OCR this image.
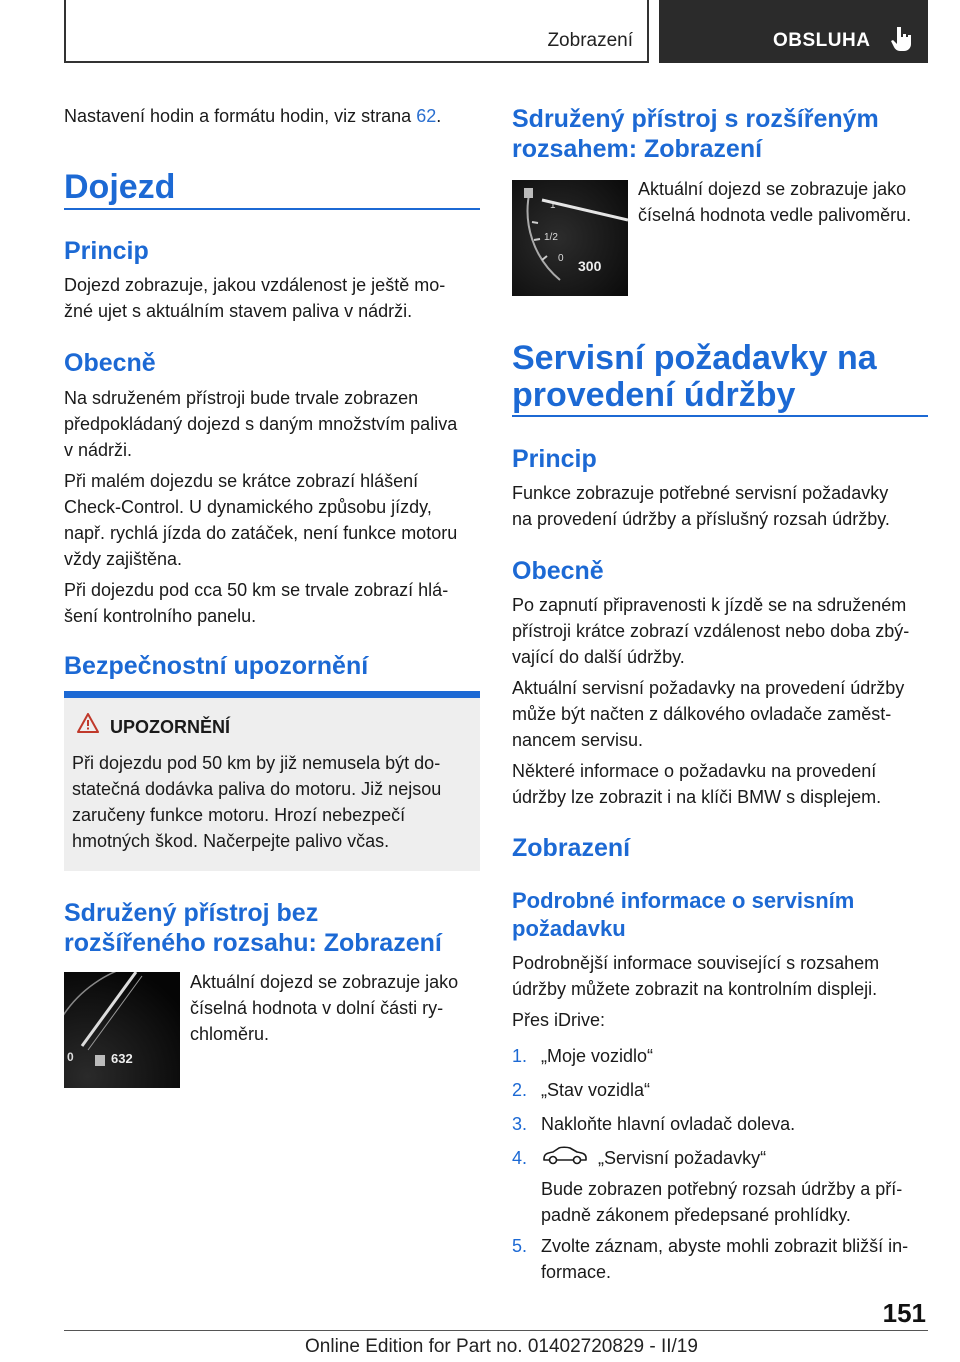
Zobrazení	OBSLUHA

Nastavení hodin a formátu hodin, viz strana 62.

Dojezd
Princip

Dojezd zobrazuje, jakou vzdálenost je ještě mo‐

žné ujet s aktuálním stavem paliva v nádrži.

Obecně

Na sdruženém přístroji bude trvale zobrazen

předpokládaný dojezd s daným množstvím paliva

v nádrži.

Při malém dojezdu se krátce zobrazí hlášení

Check-Control. U dynamického způsobu jízdy,

např. rychlá jízda do zatáček, není funkce motoru

vždy zajištěna.

Při dojezdu pod cca 50 km se trvale zobrazí hlá‐

šení kontrolního panelu.

Bezpečnostní upozornění
UPOZORNĚNÍ

Při dojezdu pod 50 km by již nemusela být do‐

statečná dodávka paliva do motoru. Již nejsou

zaručeny funkce motoru. Hrozí nebezpečí

hmotných škod. Načerpejte palivo včas.

Sdružený přístroj bez
rozšířeného rozsahu: Zobrazení
0	632

Aktuální dojezd se zobrazuje jako

číselná hodnota v dolní části ry‐

chloměru.

Sdružený přístroj s rozšířeným
rozsahem: Zobrazení
1
1/2
0 300

Aktuální dojezd se zobrazuje jako

číselná hodnota vedle palivoměru.

Servisní požadavky na
provedení údržby
Princip

Funkce zobrazuje potřebné servisní požadavky

na provedení údržby a příslušný rozsah údržby.

Obecně

Po zapnutí připravenosti k jízdě se na sdruženém

přístroji krátce zobrazí vzdálenost nebo doba zbý‐

vající do další údržby.

Aktuální servisní požadavky na provedení údržby

může být načten z dálkového ovladače zaměst‐

nancem servisu.

Některé informace o požadavku na provedení

údržby lze zobrazit i na klíči BMW s displejem.

Zobrazení
Podrobné informace o servisním
požadavku

Podrobnější informace související s rozsahem

údržby můžete zobrazit na kontrolním displeji.

Přes iDrive:

1. „Moje vozidlo“

2. „Stav vozidla“

3. Nakloňte hlavní ovladač doleva.

4.	„Servisní požadavky“

Bude zobrazen potřebný rozsah údržby a pří‐

padně zákonem předepsané prohlídky.

5. Zvolte záznam, abyste mohli zobrazit bližší in‐

formace.

151
Online Edition for Part no. 01402720829 - II/19
